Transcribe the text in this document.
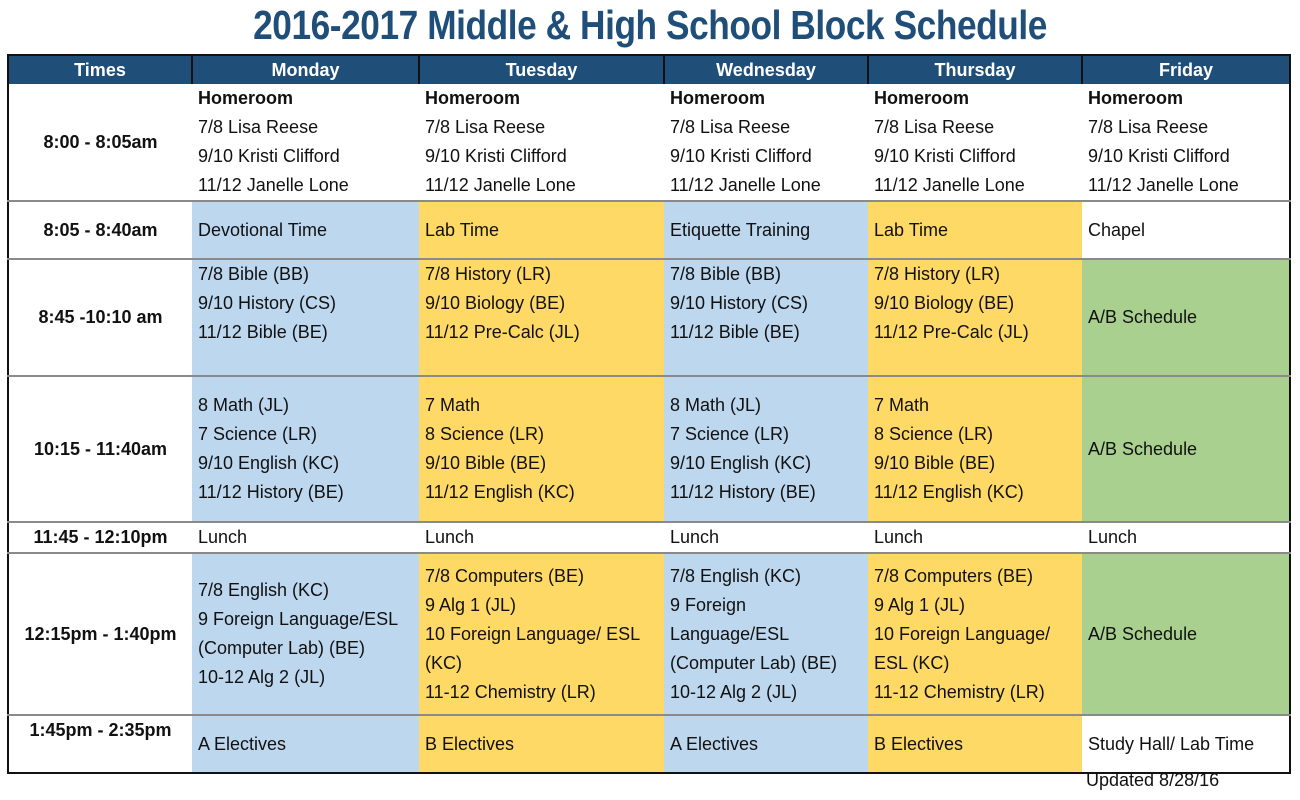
2016-2017 Middle & High School Block Schedule
Times	Monday	Tuesday	Wednesday	Thursday	Friday
8:00 - 8:05am	Homeroom
7/8 Lisa Reese
9/10 Kristi Clifford
11/12 Janelle Lone	Homeroom
7/8 Lisa Reese
9/10 Kristi Clifford
11/12 Janelle Lone	Homeroom
7/8 Lisa Reese
9/10 Kristi Clifford
11/12 Janelle Lone	Homeroom
7/8 Lisa Reese
9/10 Kristi Clifford
11/12 Janelle Lone	Homeroom
7/8 Lisa Reese
9/10 Kristi Clifford
11/12 Janelle Lone

8:05 - 8:40am	Devotional Time	Lab Time	Etiquette Training	Lab Time	Chapel

8:45 -10:10 am	7/8 Bible (BB)
9/10 History (CS)
11/12 Bible (BE)	7/8 History (LR)
9/10 Biology (BE)
11/12 Pre-Calc (JL)	7/8 Bible (BB)
9/10 History (CS)
11/12 Bible (BE)	7/8 History (LR)
9/10 Biology (BE)
11/12 Pre-Calc (JL)	A/B Schedule

10:15 - 11:40am	8 Math (JL)
7 Science (LR)
9/10 English (KC)
11/12 History (BE)	7 Math
8 Science (LR)
9/10 Bible (BE)
11/12 English (KC)	8 Math (JL)
7 Science (LR)
9/10 English (KC)
11/12 History (BE)	7 Math
8 Science (LR)
9/10 Bible (BE)
11/12 English (KC)	A/B Schedule

11:45 - 12:10pm	Lunch	Lunch	Lunch	Lunch	Lunch

12:15pm - 1:40pm	7/8 English (KC)
9 Foreign Language/ESL
(Computer Lab) (BE)
10-12 Alg 2 (JL)	7/8 Computers (BE)
9 Alg 1 (JL)
10 Foreign Language/ ESL
(KC)
11-12 Chemistry (LR)	7/8 English (KC)
9 Foreign
Language/ESL
(Computer Lab) (BE)
10-12 Alg 2 (JL)	7/8 Computers (BE)
9 Alg 1 (JL)
10 Foreign Language/
ESL (KC)
11-12 Chemistry (LR)	A/B Schedule

1:45pm - 2:35pm	A Electives	B Electives	A Electives	B Electives	Study Hall/ Lab Time
Updated 8/28/16
